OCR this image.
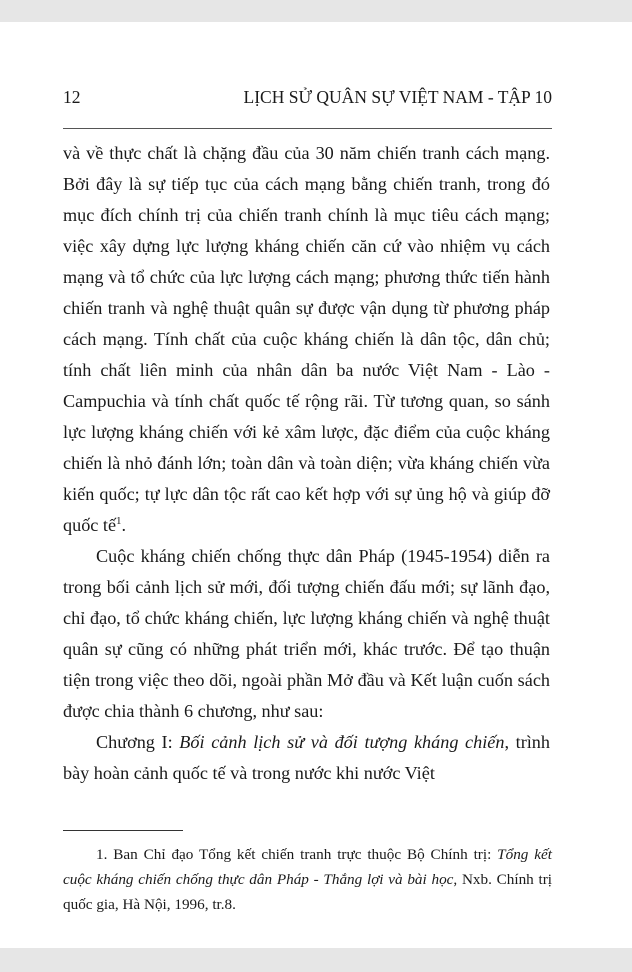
12	LỊCH SỬ QUÂN SỰ VIỆT NAM - TẬP 10

và về thực chất là chặng đầu của 30 năm chiến tranh cách mạng. Bởi đây là sự tiếp tục của cách mạng bằng chiến tranh, trong đó mục đích chính trị của chiến tranh chính là mục tiêu cách mạng; việc xây dựng lực lượng kháng chiến căn cứ vào nhiệm vụ cách mạng và tổ chức của lực lượng cách mạng; phương thức tiến hành chiến tranh và nghệ thuật quân sự được vận dụng từ phương pháp cách mạng. Tính chất của cuộc kháng chiến là dân tộc, dân chủ; tính chất liên minh của nhân dân ba nước Việt Nam - Lào - Campuchia và tính chất quốc tế rộng rãi. Từ tương quan, so sánh lực lượng kháng chiến với kẻ xâm lược, đặc điểm của cuộc kháng chiến là nhỏ đánh lớn; toàn dân và toàn diện; vừa kháng chiến vừa kiến quốc; tự lực dân tộc rất cao kết hợp với sự ủng hộ và giúp đỡ quốc tế$^1$.

Cuộc kháng chiến chống thực dân Pháp (1945-1954) diễn ra trong bối cảnh lịch sử mới, đối tượng chiến đấu mới; sự lãnh đạo, chỉ đạo, tổ chức kháng chiến, lực lượng kháng chiến và nghệ thuật quân sự cũng có những phát triển mới, khác trước. Để tạo thuận tiện trong việc theo dõi, ngoài phần Mở đầu và Kết luận cuốn sách được chia thành 6 chương, như sau:

Chương I: Bối cảnh lịch sử và đối tượng kháng chiến, trình bày hoàn cảnh quốc tế và trong nước khi nước Việt

1. Ban Chỉ đạo Tổng kết chiến tranh trực thuộc Bộ Chính trị: Tổng kết cuộc kháng chiến chống thực dân Pháp - Thắng lợi và bài học, Nxb. Chính trị quốc gia, Hà Nội, 1996, tr.8.
